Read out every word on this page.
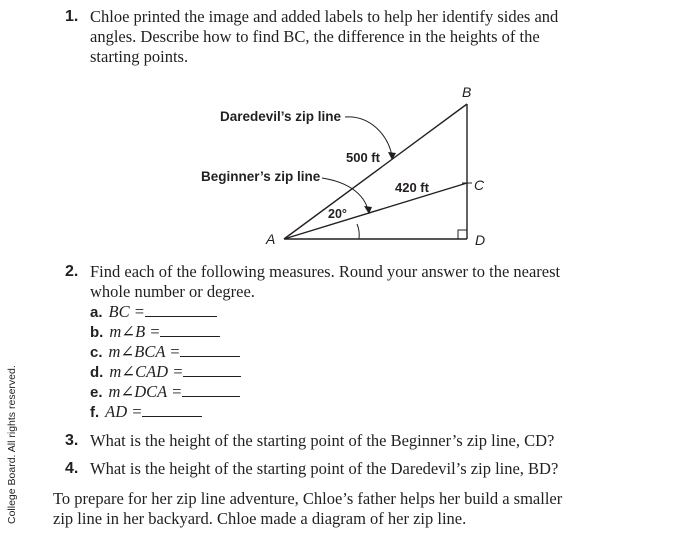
1. Chloe printed the image and added labels to help her identify sides and
angles. Describe how to find BC, the difference in the heights of the
starting points.
Daredevil’s zip line
Beginner’s zip line
500 ft
420 ft
20°
A
B
C
D
2. Find each of the following measures. Round your answer to the nearest
whole number or degree.
a. BC =
b. m∠B =
c. m∠BCA =
d. m∠CAD =
e. m∠DCA =
f. AD =
3. What is the height of the starting point of the Beginner’s zip line, CD?
4. What is the height of the starting point of the Daredevil’s zip line, BD?
To prepare for her zip line adventure, Chloe’s father helps her build a smaller
zip line in her backyard. Chloe made a diagram of her zip line.
College Board. All rights reserved.
